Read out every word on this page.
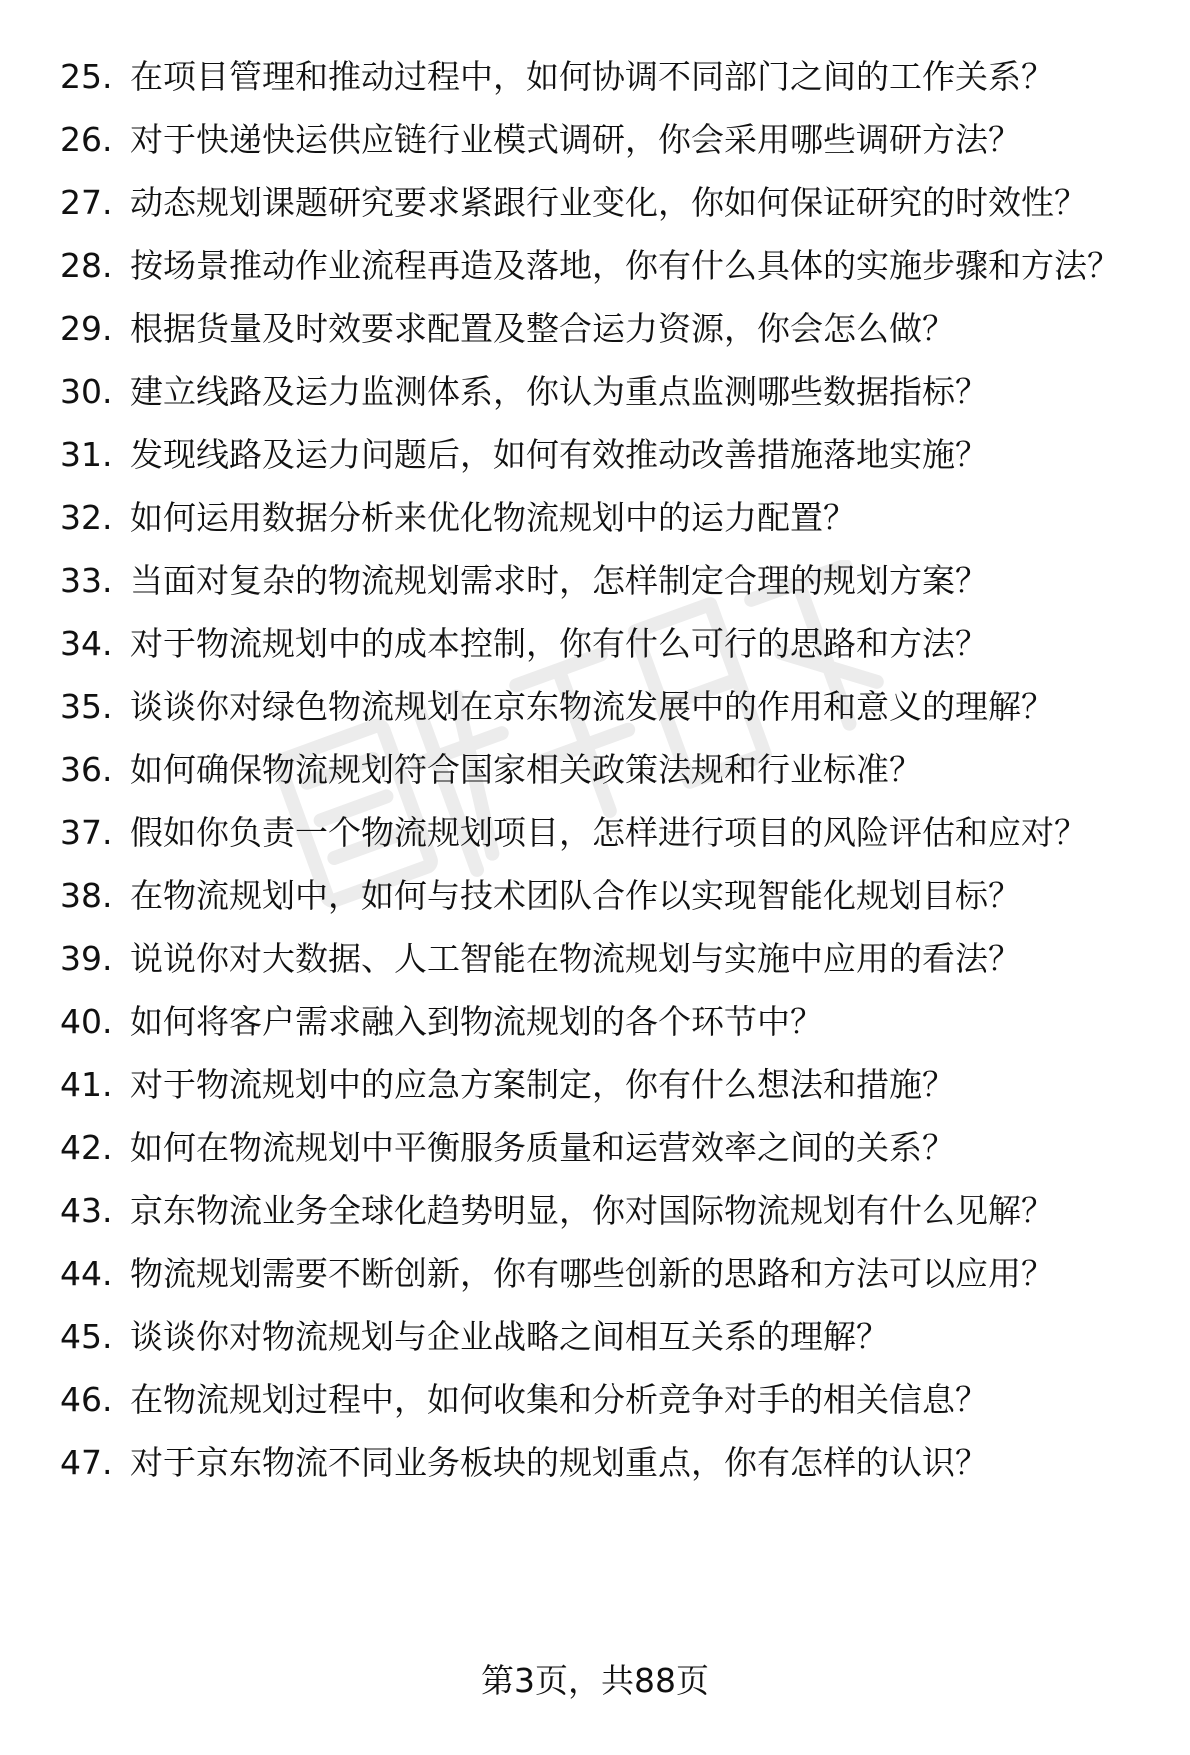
25. 在项目管理和推动过程中，如何协调不同部门之间的工作关系？
26. 对于快递快运供应链行业模式调研，你会采用哪些调研方法？
27. 动态规划课题研究要求紧跟行业变化，你如何保证研究的时效性？
28. 按场景推动作业流程再造及落地，你有什么具体的实施步骤和方法？
29. 根据货量及时效要求配置及整合运力资源，你会怎么做？
30. 建立线路及运力监测体系，你认为重点监测哪些数据指标？
31. 发现线路及运力问题后，如何有效推动改善措施落地实施？
32. 如何运用数据分析来优化物流规划中的运力配置？
33. 当面对复杂的物流规划需求时，怎样制定合理的规划方案？
34. 对于物流规划中的成本控制，你有什么可行的思路和方法？
35. 谈谈你对绿色物流规划在京东物流发展中的作用和意义的理解？
36. 如何确保物流规划符合国家相关政策法规和行业标准？
37. 假如你负责一个物流规划项目，怎样进行项目的风险评估和应对？
38. 在物流规划中，如何与技术团队合作以实现智能化规划目标？
39. 说说你对大数据、人工智能在物流规划与实施中应用的看法？
40. 如何将客户需求融入到物流规划的各个环节中？
41. 对于物流规划中的应急方案制定，你有什么想法和措施？
42. 如何在物流规划中平衡服务质量和运营效率之间的关系？
43. 京东物流业务全球化趋势明显，你对国际物流规划有什么见解？
44. 物流规划需要不断创新，你有哪些创新的思路和方法可以应用？
45. 谈谈你对物流规划与企业战略之间相互关系的理解？
46. 在物流规划过程中，如何收集和分析竞争对手的相关信息？
47. 对于京东物流不同业务板块的规划重点，你有怎样的认识？
第3页，共88页
